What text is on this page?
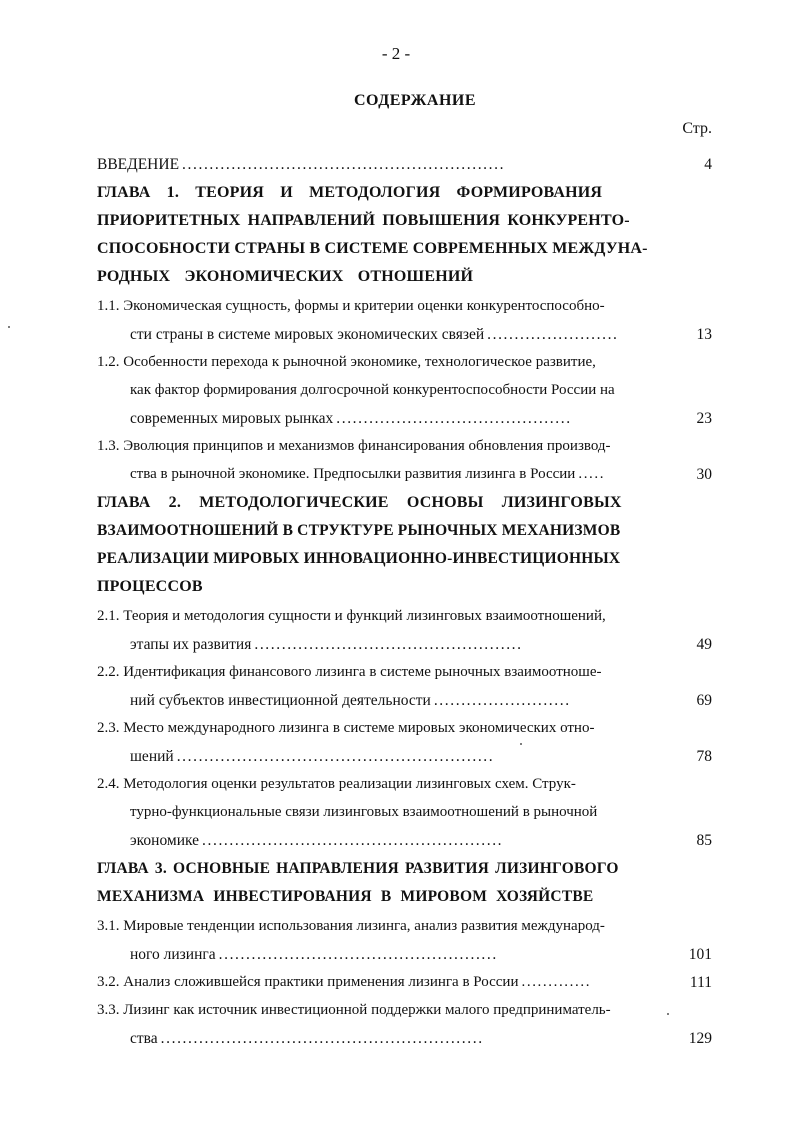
- 2 -
СОДЕРЖАНИЕ
Стр.
ВВЕДЕНИЕ ...........................................................	4
ГЛАВА 1. ТЕОРИЯ И МЕТОДОЛОГИЯ ФОРМИРОВАНИЯ
ПРИОРИТЕТНЫХ НАПРАВЛЕНИЙ ПОВЫШЕНИЯ КОНКУРЕНТО-
СПОСОБНОСТИ СТРАНЫ В СИСТЕМЕ СОВРЕМЕННЫХ МЕЖДУНА-
РОДНЫХ ЭКОНОМИЧЕСКИХ ОТНОШЕНИЙ
1.1. Экономическая сущность, формы и критерии оценки конкурентоспособно-
сти страны в системе мировых экономических связей ........................	13
1.2. Особенности перехода к рыночной экономике, технологическое развитие,
как фактор формирования долгосрочной конкурентоспособности России на
современных мировых рынках ...........................................	23
1.3. Эволюция принципов и механизмов финансирования обновления производ-
ства в рыночной экономике. Предпосылки развития лизинга в России .....	30
ГЛАВА 2. МЕТОДОЛОГИЧЕСКИЕ ОСНОВЫ ЛИЗИНГОВЫХ
ВЗАИМООТНОШЕНИЙ В СТРУКТУРЕ РЫНОЧНЫХ МЕХАНИЗМОВ
РЕАЛИЗАЦИИ МИРОВЫХ ИННОВАЦИОННО-ИНВЕСТИЦИОННЫХ
ПРОЦЕССОВ
2.1. Теория и методология сущности и функций лизинговых взаимоотношений,
этапы их развития .................................................	49
2.2. Идентификация финансового лизинга в системе рыночных взаимоотноше-
ний субъектов инвестиционной деятельности .........................	69
2.3. Место международного лизинга в системе мировых экономических отно-
шений ..........................................................	78
2.4. Методология оценки результатов реализации лизинговых схем. Струк-
турно-функциональные связи лизинговых взаимоотношений в рыночной
экономике .......................................................	85
ГЛАВА 3. ОСНОВНЫЕ НАПРАВЛЕНИЯ РАЗВИТИЯ ЛИЗИНГОВОГО
МЕХАНИЗМА ИНВЕСТИРОВАНИЯ В МИРОВОМ ХОЗЯЙСТВЕ
3.1. Мировые тенденции использования лизинга, анализ развития международ-
ного лизинга ...................................................	101
3.2. Анализ сложившейся практики применения лизинга в России .............	111
3.3. Лизинг как источник инвестиционной поддержки малого предприниматель-
ства ...........................................................	129
